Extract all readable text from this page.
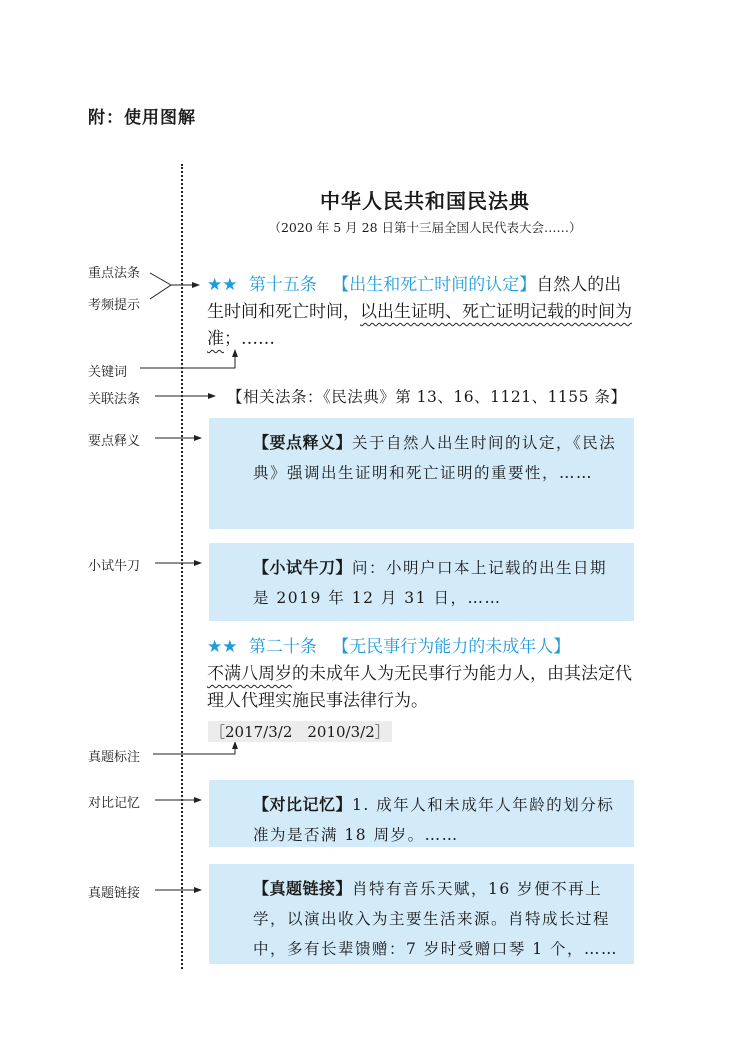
附：使用图解
中华人民共和国民法典
（2020 年 5 月 28 日第十三届全国人民代表大会……）
重点法条
考频提示
关键词
关联法条
要点释义
小试牛刀
真题标注
对比记忆
真题链接
★★ 第十五条 【出生和死亡时间的认定】自然人的出生时间和死亡时间，以出生证明、死亡证明记载的时间为准；……
【相关法条：《民法典》第 13、16、1121、1155 条】
【要点释义】关于自然人出生时间的认定，《民法典》强调出生证明和死亡证明的重要性，……
【小试牛刀】问：小明户口本上记载的出生日期是 2019 年 12 月 31 日，……
★★ 第二十条 【无民事行为能力的未成年人】
不满八周岁的未成年人为无民事行为能力人，由其法定代理人代理实施民事法律行为。
［2017/3/2　2010/3/2］
【对比记忆】1. 成年人和未成年人年龄的划分标准为是否满 18 周岁。……
【真题链接】肖特有音乐天赋，16 岁便不再上学，以演出收入为主要生活来源。肖特成长过程中，多有长辈馈赠：7 岁时受赠口琴 1 个，……
